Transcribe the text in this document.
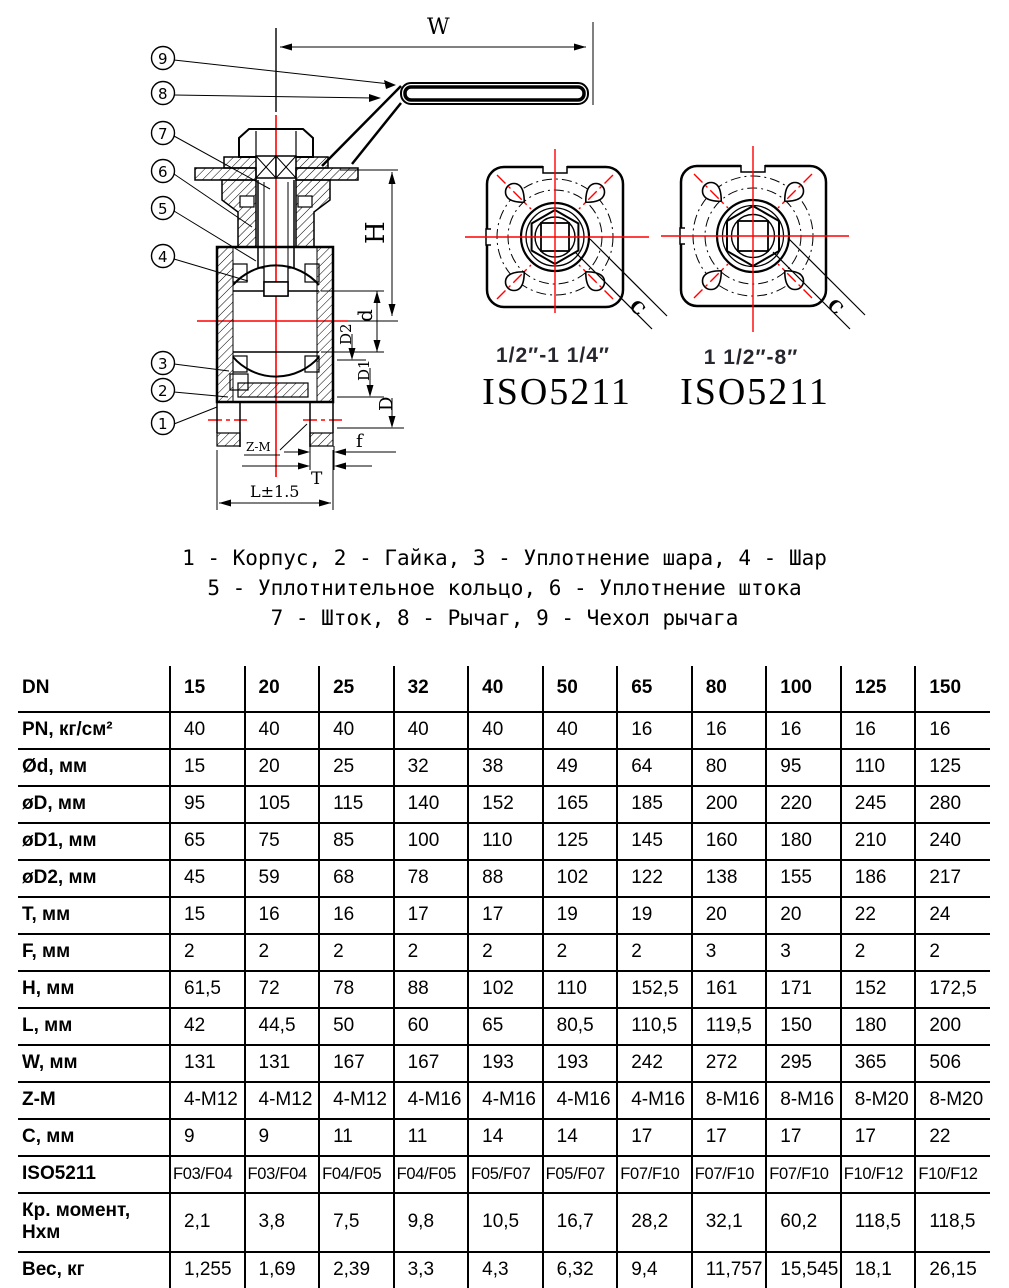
W
H
d
D2
D1
D
f
T
L±1.5
Z-M
9
8
7
6
5
4
3
2
1
C
1/2″-1 1/4″
ISO5211
C
1 1/2″-8″
ISO5211
1 - Корпус, 2 - Гайка, 3 - Уплотнение шара, 4 - Шар
5 - Уплотнительное кольцо, 6 - Уплотнение штока
7 - Шток, 8 - Рычаг, 9 - Чехол рычага
DN	15	20	25	32	40	50	65	80	100	125	150
PN, кг/см²	40	40	40	40	40	40	16	16	16	16	16
Ød, мм	15	20	25	32	38	49	64	80	95	110	125
øD, мм	95	105	115	140	152	165	185	200	220	245	280
øD1, мм	65	75	85	100	110	125	145	160	180	210	240
øD2, мм	45	59	68	78	88	102	122	138	155	186	217
T, мм	15	16	16	17	17	19	19	20	20	22	24
F, мм	2	2	2	2	2	2	2	3	3	2	2
H, мм	61,5	72	78	88	102	110	152,5	161	171	152	172,5
L, мм	42	44,5	50	60	65	80,5	110,5	119,5	150	180	200
W, мм	131	131	167	167	193	193	242	272	295	365	506
Z-M	4-M12	4-M12	4-M12	4-M16	4-M16	4-M16	4-M16	8-M16	8-M16	8-M20	8-M20
C, мм	9	9	11	11	14	14	17	17	17	17	22
ISO5211	F03/F04	F03/F04	F04/F05	F04/F05	F05/F07	F05/F07	F07/F10	F07/F10	F07/F10	F10/F12	F10/F12
Кр. момент, Нхм	2,1	3,8	7,5	9,8	10,5	16,7	28,2	32,1	60,2	118,5	118,5
Вес, кг	1,255	1,69	2,39	3,3	4,3	6,32	9,4	11,757	15,545	18,1	26,15
